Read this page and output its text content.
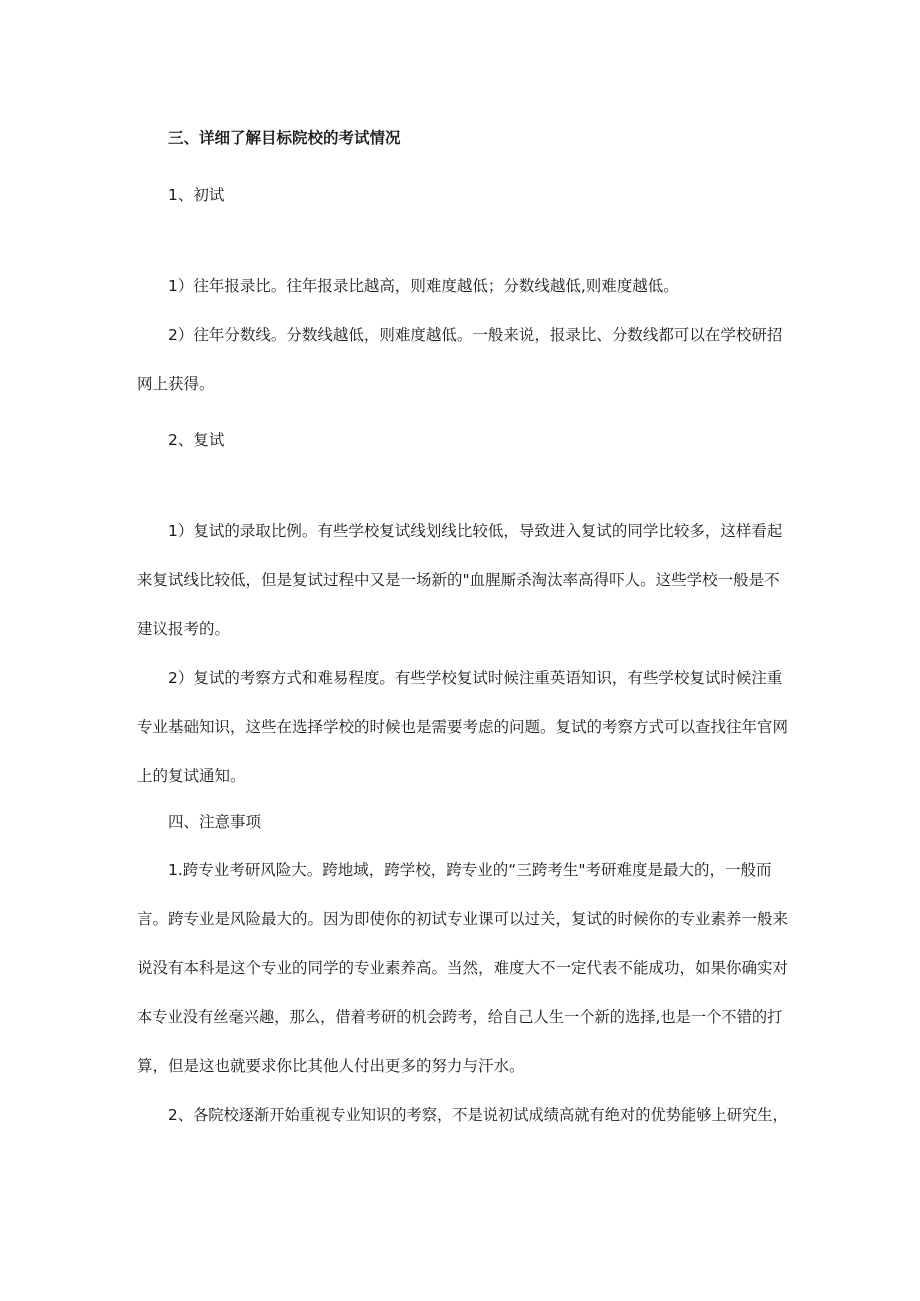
三、详细了解目标院校的考试情况
1、初试
1）往年报录比。往年报录比越高，则难度越低；分数线越低,则难度越低。
2）往年分数线。分数线越低，则难度越低。一般来说，报录比、分数线都可以在学校研招
网上获得。
2、复试
1）复试的录取比例。有些学校复试线划线比较低，导致进入复试的同学比较多，这样看起
来复试线比较低，但是复试过程中又是一场新的"血腥厮杀淘汰率高得吓人。这些学校一般是不
建议报考的。
2）复试的考察方式和难易程度。有些学校复试时候注重英语知识，有些学校复试时候注重
专业基础知识，这些在选择学校的时候也是需要考虑的问题。复试的考察方式可以查找往年官网
上的复试通知。
四、注意事项
1.跨专业考研风险大。跨地域，跨学校，跨专业的“三跨考生"考研难度是最大的，一般而
言。跨专业是风险最大的。因为即使你的初试专业课可以过关，复试的时候你的专业素养一般来
说没有本科是这个专业的同学的专业素养高。当然，难度大不一定代表不能成功，如果你确实对
本专业没有丝毫兴趣，那么，借着考研的机会跨考，给自己人生一个新的选择,也是一个不错的打
算，但是这也就要求你比其他人付出更多的努力与汗水。
2、各院校逐渐开始重视专业知识的考察，不是说初试成绩高就有绝对的优势能够上研究生，
